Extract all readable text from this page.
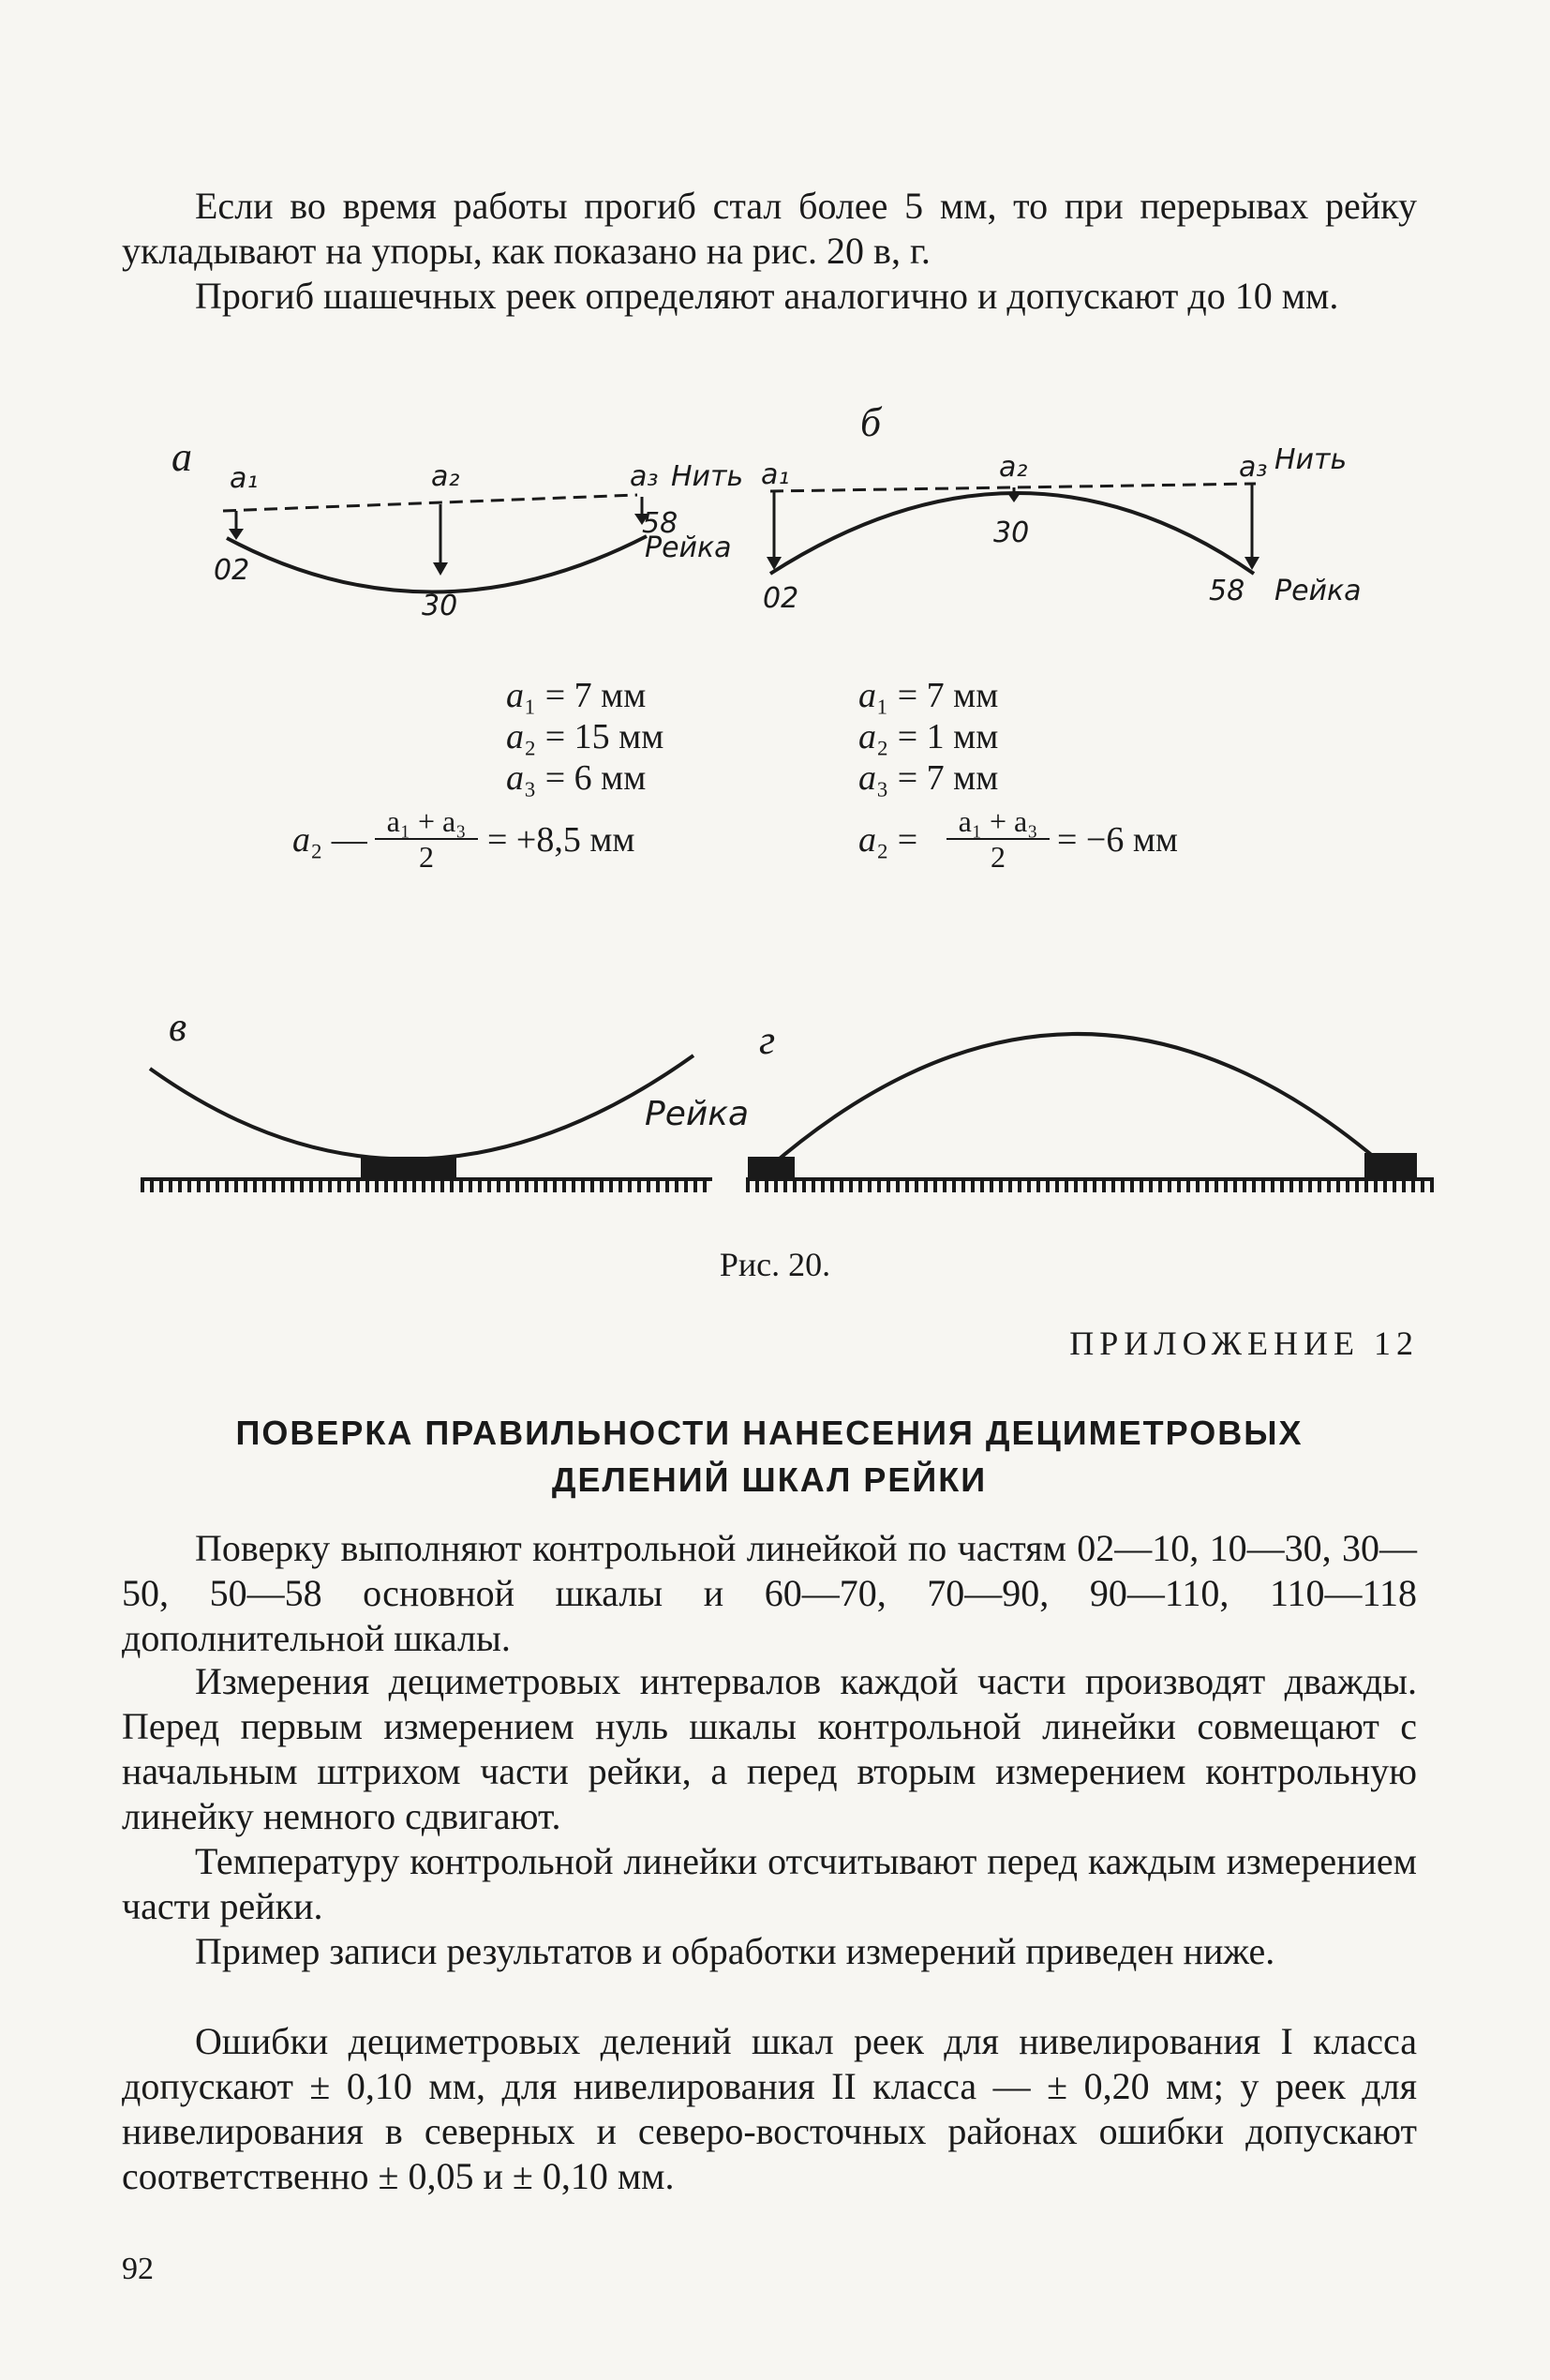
Если во время работы прогиб стал более 5 мм, то при перерывах рейку укладывают на упоры, как показано на рис. 20 в, г.

Прогиб шашечных реек определяют аналогично и допускают до 10 мм.

а
б
a₁	a₂	a₃ Нить
58
Рейка
02
30
a₁	a₂	a₃ Нить
30
02	58 Рейка
a₁ = 7 мм
a₂ = 15 мм
a₃ = 6 мм
a₂ —
$\frac{\text{a₁ + a₃}}{2} = +8,5$ мм
a₁ = 7 мм
a₂ = 1 мм
a₃ = 7 мм
$a_2 = \frac{\text{a₁ + a₃}}{2} = -6$ мм
в	г
Рейка
Рис. 20.
ПРИЛОЖЕНИЕ 12
ПОВЕРКА ПРАВИЛЬНОСТИ НАНЕСЕНИЯ ДЕЦИМЕТРОВЫХ
ДЕЛЕНИЙ ШКАЛ РЕЙКИ

Поверку выполняют контрольной линейкой по частям 02—10, 10—30, 30—50, 50—58 основной шкалы и 60—70, 70—90, 90—110, 110—118 дополнительной шкалы.

Измерения дециметровых интервалов каждой части производят дважды. Перед первым измерением нуль шкалы контрольной линейки совмещают с начальным штрихом части рейки, а перед вторым измерением контрольную линейку немного сдвигают.

Температуру контрольной линейки отсчитывают перед каждым измерением части рейки.

Пример записи результатов и обработки измерений приведен ниже.

Ошибки дециметровых делений шкал реек для нивелирования I класса допускают ± 0,10 мм, для нивелирования II класса — ± 0,20 мм; у реек для нивелирования в северных и северо-восточных районах ошибки допускают соответственно ± 0,05 и ± 0,10 мм.

92
